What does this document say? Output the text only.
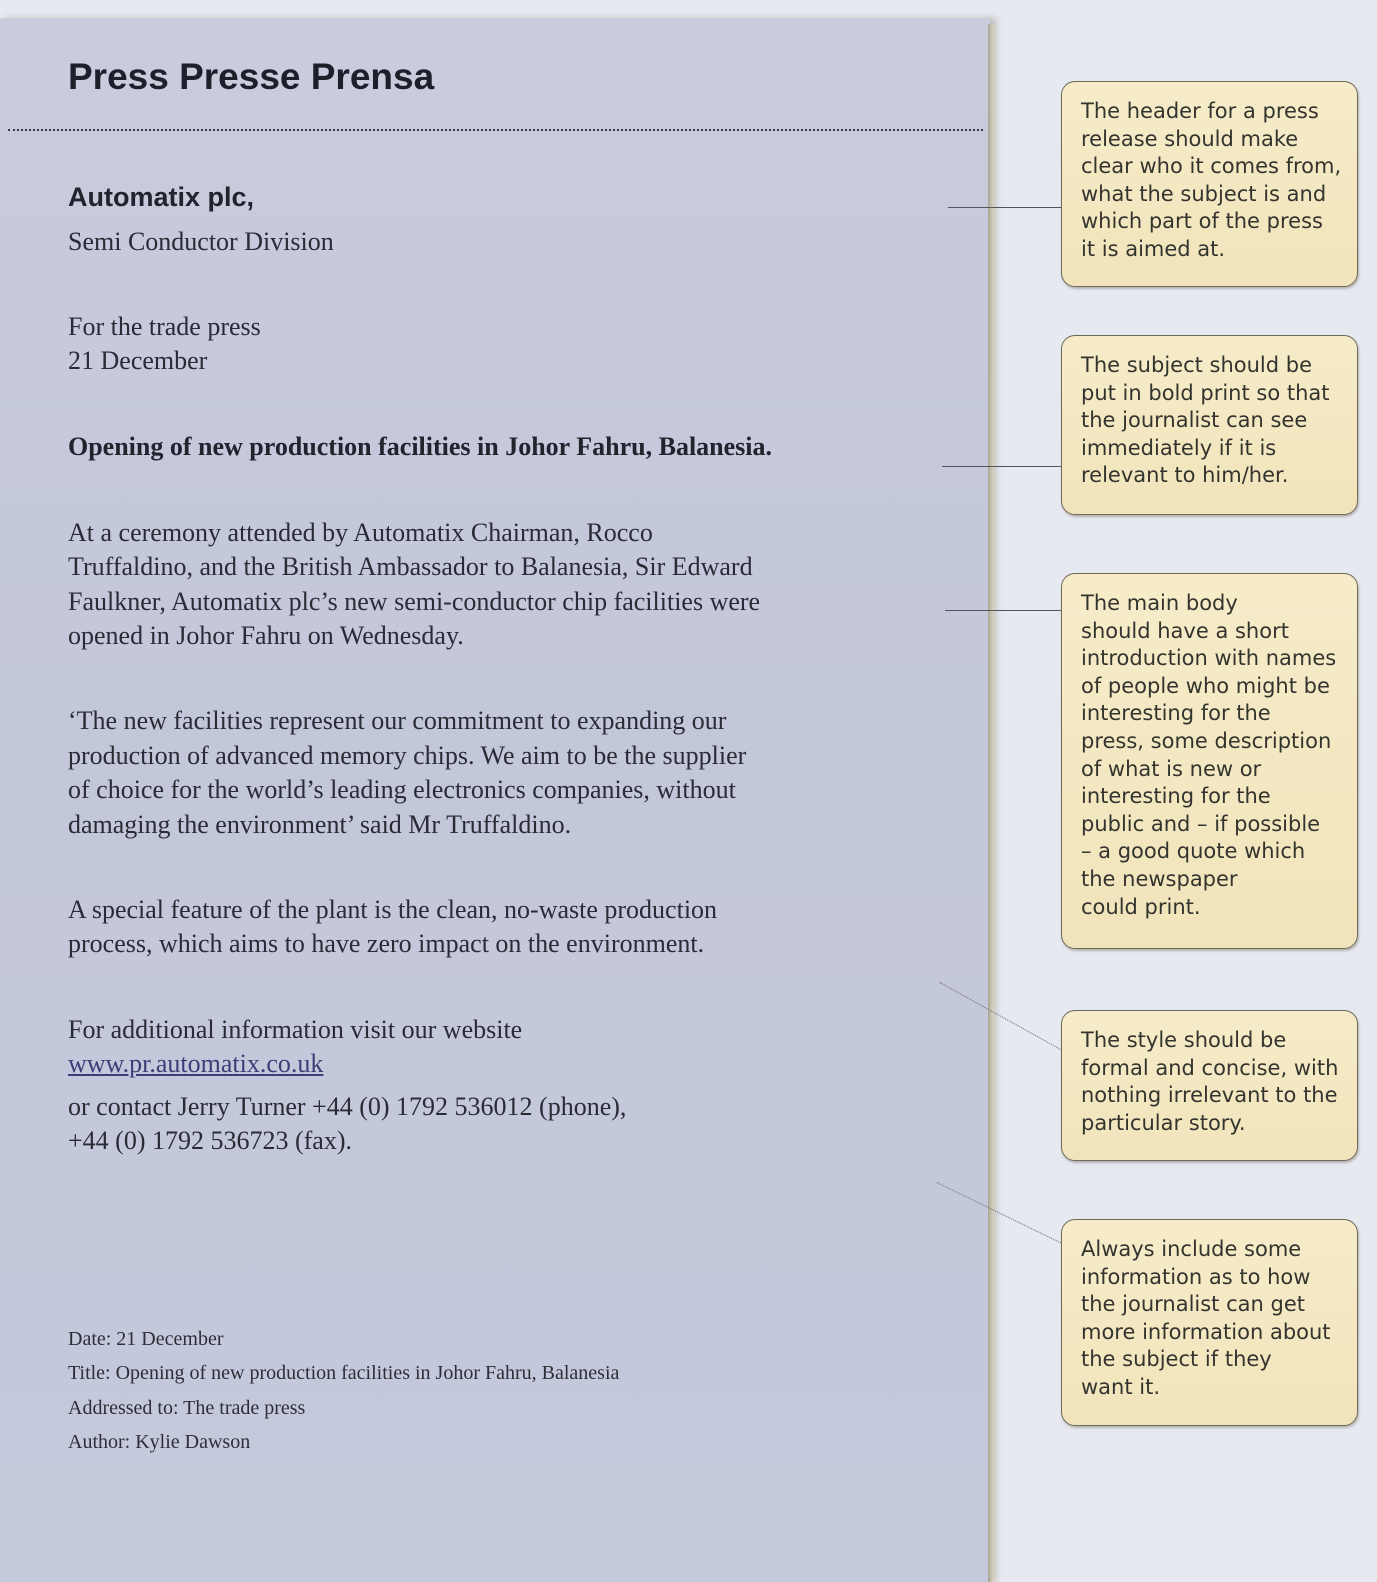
Press Presse Prensa
Automatix plc,

Semi Conductor Division

For the trade press

21 December

Opening of new production facilities in Johor Fahru, Balanesia.

At a ceremony attended by Automatix Chairman, Rocco

Truffaldino, and the British Ambassador to Balanesia, Sir Edward

Faulkner, Automatix plc’s new semi-conductor chip facilities were

opened in Johor Fahru on Wednesday.

‘The new facilities represent our commitment to expanding our

production of advanced memory chips. We aim to be the supplier

of choice for the world’s leading electronics companies, without

damaging the environment’ said Mr Truffaldino.

A special feature of the plant is the clean, no-waste production

process, which aims to have zero impact on the environment.

For additional information visit our website

www.pr.automatix.co.uk

or contact Jerry Turner +44 (0) 1792 536012 (phone),

+44 (0) 1792 536723 (fax).

Date: 21 December
Title: Opening of new production facilities in Johor Fahru, Balanesia
Addressed to: The trade press
Author: Kylie Dawson
The header for a press
release should make
clear who it comes from,
what the subject is and
which part of the press
it is aimed at.
The subject should be
put in bold print so that
the journalist can see
immediately if it is
relevant to him/her.
The main body
should have a short
introduction with names
of people who might be
interesting for the
press, some description
of what is new or
interesting for the
public and – if possible
– a good quote which
the newspaper
could print.
The style should be
formal and concise, with
nothing irrelevant to the
particular story.
Always include some
information as to how
the journalist can get
more information about
the subject if they
want it.
